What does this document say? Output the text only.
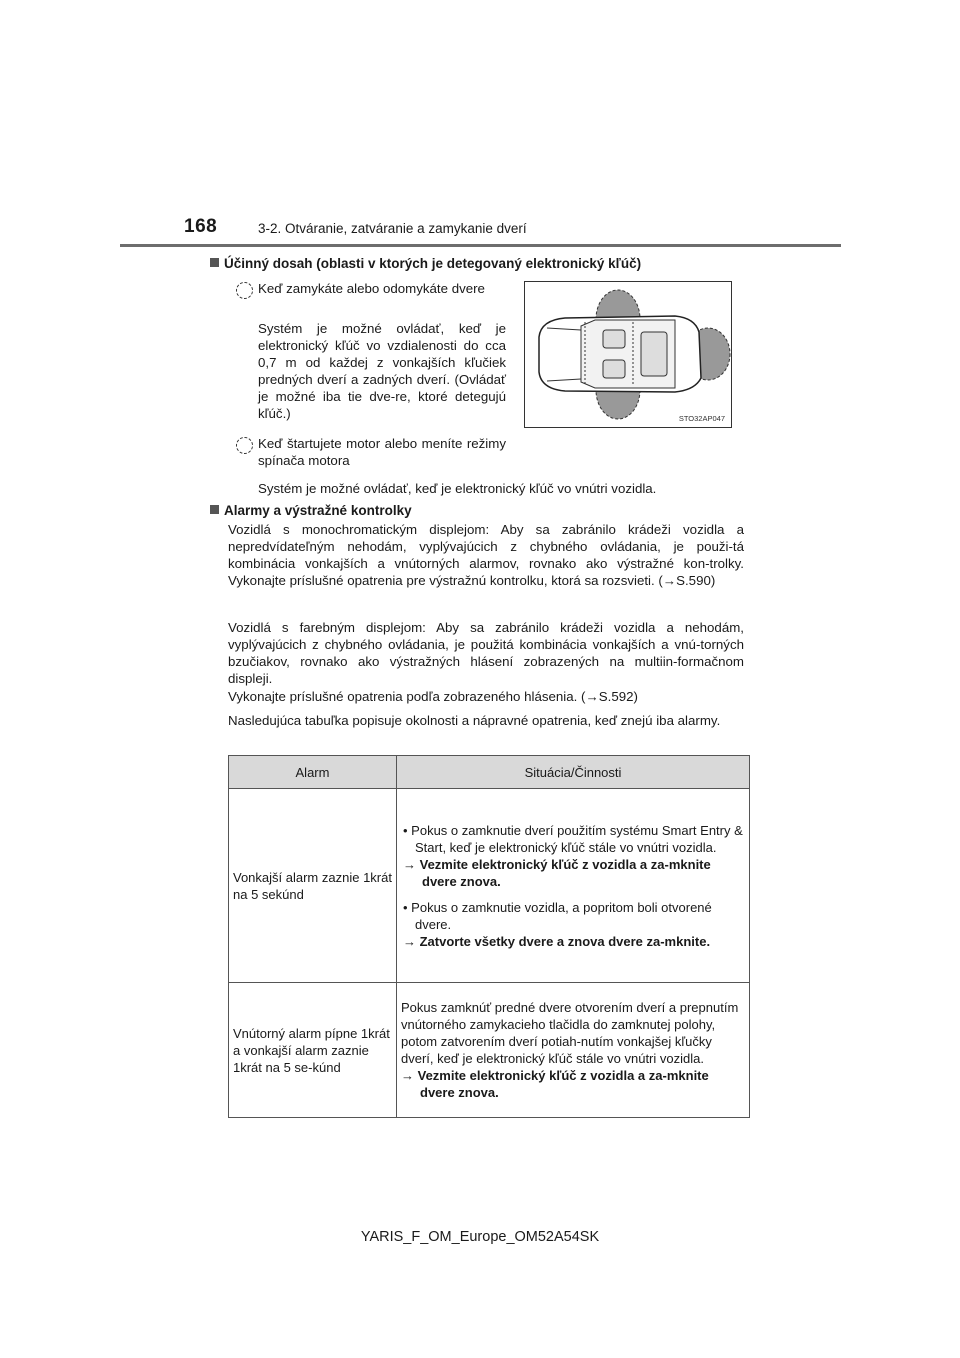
168	3-2. Otváranie, zatváranie a zamykanie dverí
Účinný dosah (oblasti v ktorých je detegovaný elektronický kľúč)
Keď zamykáte alebo odomykáte dvere
Systém je možné ovládať, keď je elektronický kľúč vo vzdialenosti do cca 0,7 m od každej z vonkajších kľučiek predných dverí a zadných dverí. (Ovládať je možné iba tie dve-re, ktoré detegujú kľúč.)
Keď štartujete motor alebo meníte režimy spínača motora
Systém je možné ovládať, keď je elektronický kľúč vo vnútri vozidla.
STO32AP047
Alarmy a výstražné kontrolky
Vozidlá s monochromatickým displejom: Aby sa zabránilo krádeži vozidla a nepredvídateľným nehodám, vyplývajúcich z chybného ovládania, je použi-tá kombinácia vonkajších a vnútorných alarmov, rovnako ako výstražné kon-trolky. Vykonajte príslušné opatrenia pre výstražnú kontrolku, ktorá sa rozsvieti. (→S.590)
Vozidlá s farebným displejom: Aby sa zabránilo krádeži vozidla a nehodám, vyplývajúcich z chybného ovládania, je použitá kombinácia vonkajších a vnú-torných bzučiakov, rovnako ako výstražných hlásení zobrazených na multiin-formačnom displeji.
Vykonajte príslušné opatrenia podľa zobrazeného hlásenia. (→S.592)
Nasledujúca tabuľka popisuje okolnosti a nápravné opatrenia, keď znejú iba alarmy.
Alarm	Situácia/Činnosti
Vonkajší alarm zaznie 1krát na 5 sekúnd	• Pokus o zamknutie dverí použitím systému Smart Entry & Start, keď je elektronický kľúč stále vo vnútri vozidla.
→ Vezmite elektronický kľúč z vozidla a za-mknite dvere znova.
• Pokus o zamknutie vozidla, a popritom boli otvorené dvere.
→ Zatvorte všetky dvere a znova dvere za-mknite.

Vnútorný alarm pípne 1krát a vonkajší alarm zaznie 1krát na 5 se-kúnd	Pokus zamknúť predné dvere otvorením dverí a prepnutím vnútorného zamykacieho tlačidla do zamknutej polohy, potom zatvorením dverí potiah-nutím vonkajšej kľučky dverí, keď je elektronický kľúč stále vo vnútri vozidla.
→ Vezmite elektronický kľúč z vozidla a za-mknite dvere znova.
YARIS_F_OM_Europe_OM52A54SK
